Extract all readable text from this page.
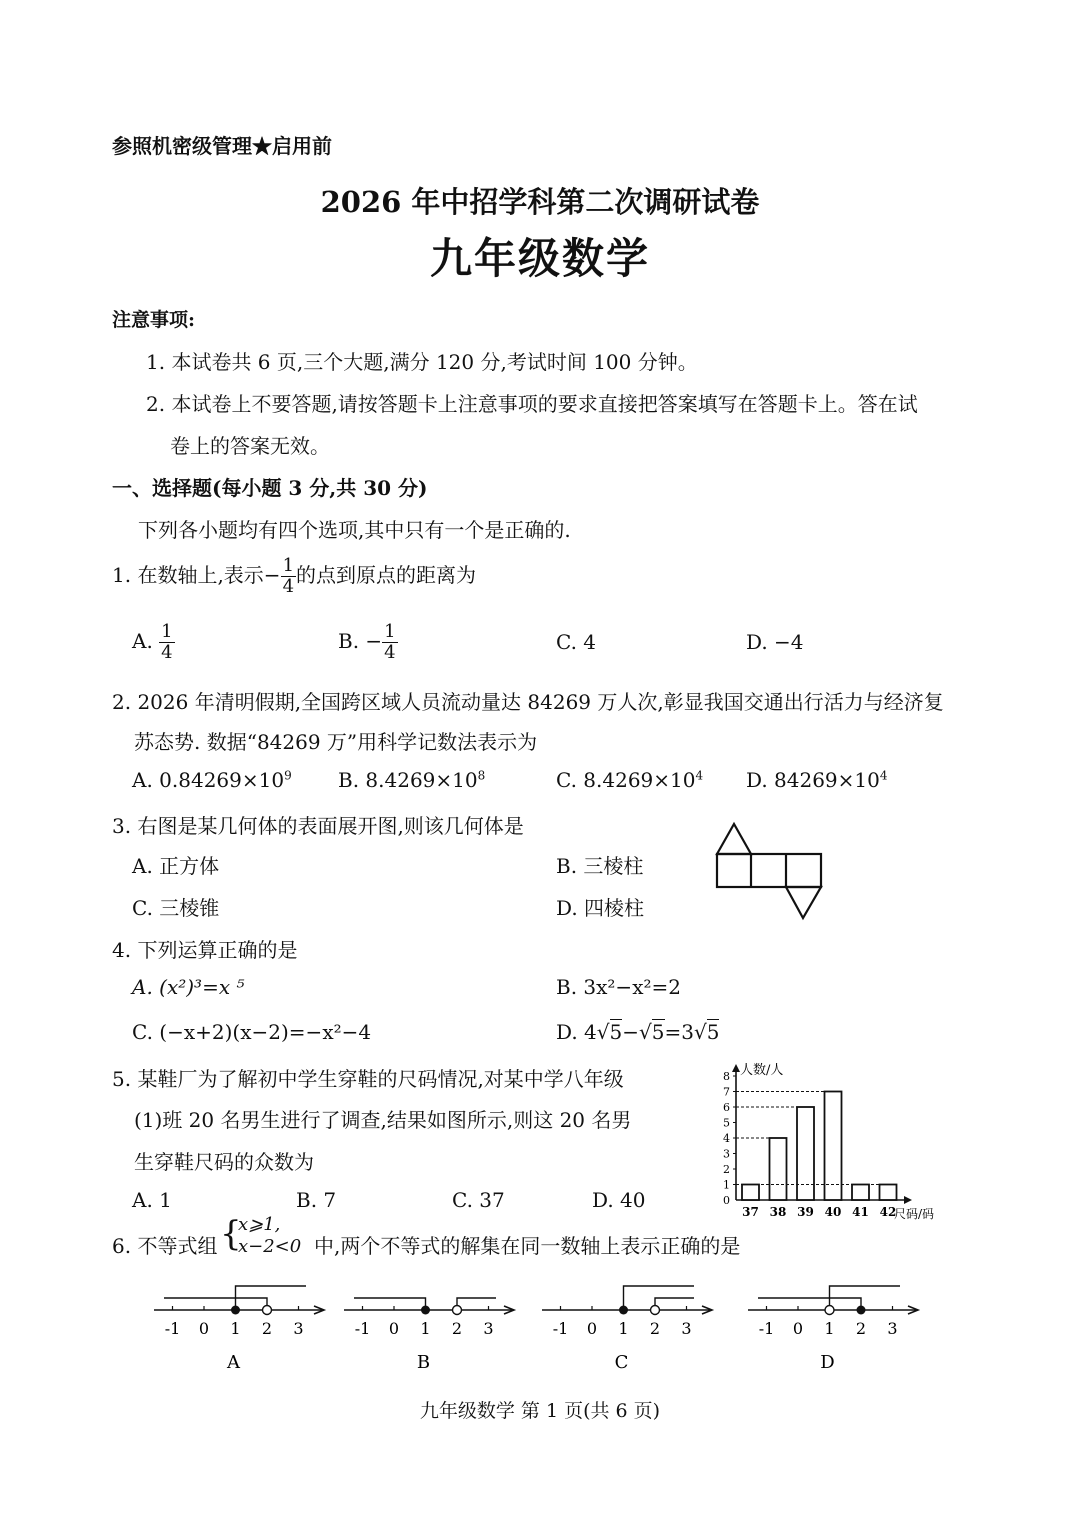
参照机密级管理★启用前
2026 年中招学科第二次调研试卷
九年级数学
注意事项:
1. 本试卷共 6 页,三个大题,满分 120 分,考试时间 100 分钟。
2. 本试卷上不要答题,请按答题卡上注意事项的要求直接把答案填写在答题卡上。答在试
卷上的答案无效。
一、选择题(每小题 3 分,共 30 分)
下列各小题均有四个选项,其中只有一个是正确的.
1. 在数轴上,表示− $\frac{1}{4}$ 的点到原点的距离为
A. $\frac{1}{4}$	B. − $\frac{1}{4}$	C. 4	D. −4
2. 2026 年清明假期,全国跨区域人员流动量达 84269 万人次,彰显我国交通出行活力与经济复
苏态势. 数据“84269 万”用科学记数法表示为
A. $0.84269\times 10^9$ B. $8.4269\times 10^8$	C. $8.4269\times 10^4$ D. $84269\times 10^4$
3. 右图是某几何体的表面展开图,则该几何体是
A. 正方体	B. 三棱柱
C. 三棱锥	D. 四棱柱
4. 下列运算正确的是
A. (x²)³=x ⁵	B. 3x²−x²=2
C. (−x+2)(x−2)=−x²−4	D. 4√5−√5=3√5
5. 某鞋厂为了解初中学生穿鞋的尺码情况,对某中学八年级
(1)班 20 名男生进行了调查,结果如图所示,则这 20 名男
生穿鞋尺码的众数为
A. 1	B. 7	C. 37	D. 40	0
1
2
3
4
5
6
7
8 人数/人
尺码/码
37 38 39 40 41 42
6. 不等式组 {
x⩾1,
x−2<0 中,两个不等式的解集在同一数轴上表示正确的是
-1 0 1 2 3
A
-1 0 1 2 3
B
-1 0 1 2 3
C
-1 0 1 2 3
D
九年级数学 第 1 页(共 6 页)
